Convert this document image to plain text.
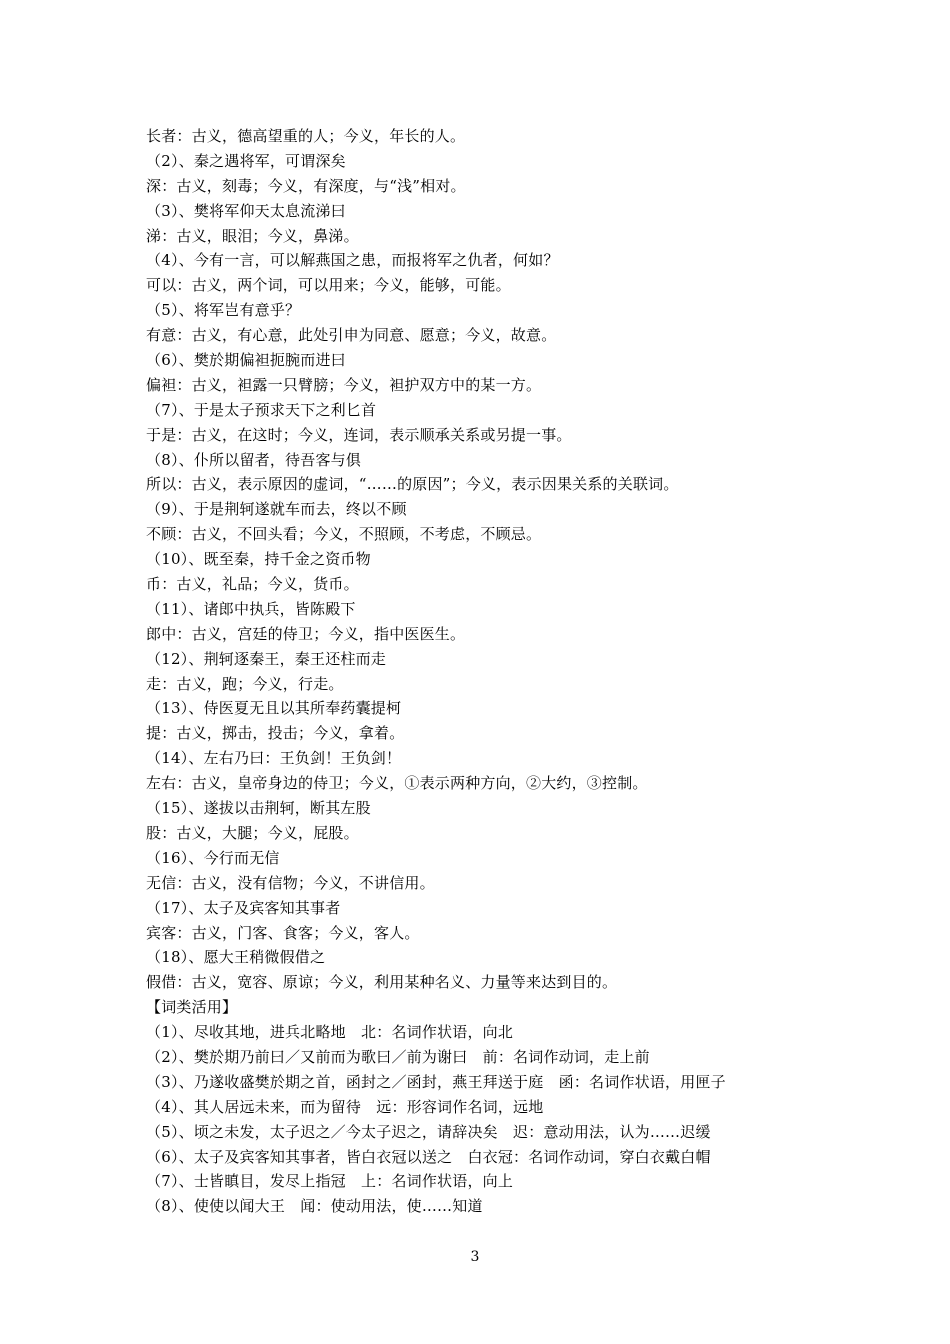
长者：古义，德高望重的人；今义，年长的人。
（2）、秦之遇将军，可谓深矣
深：古义，刻毒；今义，有深度，与“浅”相对。
（3）、樊将军仰天太息流涕曰
涕：古义，眼泪；今义，鼻涕。
（4）、今有一言，可以解燕国之患，而报将军之仇者，何如？
可以：古义，两个词，可以用来；今义，能够，可能。
（5）、将军岂有意乎？
有意：古义，有心意，此处引申为同意、愿意；今义，故意。
（6）、樊於期偏袒扼腕而进曰
偏袒：古义，袒露一只臂膀；今义，袒护双方中的某一方。
（7）、于是太子预求天下之利匕首
于是：古义，在这时；今义，连词，表示顺承关系或另提一事。
（8）、仆所以留者，待吾客与俱
所以：古义，表示原因的虚词，“……的原因”；今义，表示因果关系的关联词。
（9）、于是荆轲遂就车而去，终以不顾
不顾：古义，不回头看；今义，不照顾，不考虑，不顾忌。
（10）、既至秦，持千金之资币物
币：古义，礼品；今义，货币。
（11）、诸郎中执兵，皆陈殿下
郎中：古义，宫廷的侍卫；今义，指中医医生。
（12）、荆轲逐秦王，秦王还柱而走
走：古义，跑；今义，行走。
（13）、侍医夏无且以其所奉药囊提柯
提：古义，掷击，投击；今义，拿着。
（14）、左右乃曰：王负剑！王负剑！
左右：古义，皇帝身边的侍卫；今义，①表示两种方向，②大约，③控制。
（15）、遂拔以击荆轲，断其左股
股：古义，大腿；今义，屁股。
（16）、今行而无信
无信：古义，没有信物；今义，不讲信用。
（17）、太子及宾客知其事者
宾客：古义，门客、食客；今义，客人。
（18）、愿大王稍微假借之
假借：古义，宽容、原谅；今义，利用某种名义、力量等来达到目的。
【词类活用】
（1）、尽收其地，进兵北略地　北：名词作状语，向北
（2）、樊於期乃前曰／又前而为歌曰／前为谢曰　前：名词作动词，走上前
（3）、乃遂收盛樊於期之首，函封之／函封，燕王拜送于庭　函：名词作状语，用匣子
（4）、其人居远未来，而为留待　远：形容词作名词，远地
（5）、顷之未发，太子迟之／今太子迟之，请辞决矣　迟：意动用法，认为……迟缓
（6）、太子及宾客知其事者，皆白衣冠以送之　白衣冠：名词作动词，穿白衣戴白帽
（7）、士皆瞋目，发尽上指冠　上：名词作状语，向上
（8）、使使以闻大王　闻：使动用法，使……知道
3
